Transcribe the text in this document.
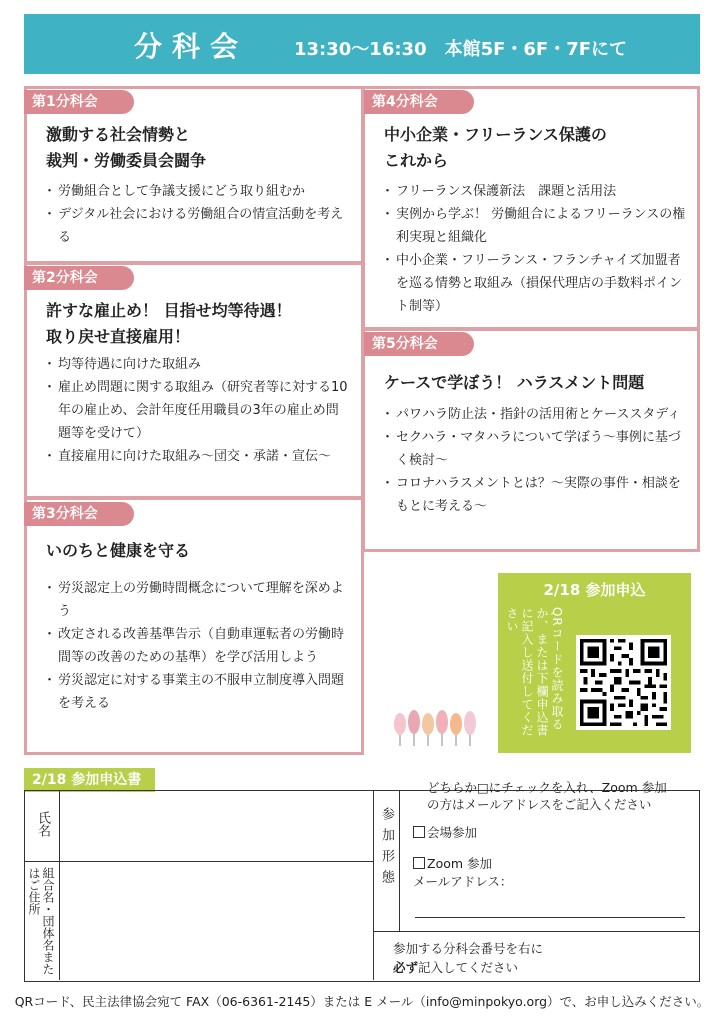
分科会	13:30〜16:30　本館5F・6F・7Fにて
第1分科会
激動する社会情勢と
裁判・労働委員会闘争
・ 労働組合として争議支援にどう取り組むか
・ デジタル社会における労働組合の情宣活動を考える
第2分科会
許すな雇止め！ 目指せ均等待遇！
取り戻せ直接雇用！
・ 均等待遇に向けた取組み
・ 雇止め問題に関する取組み（研究者等に対する10年の雇止め、会計年度任用職員の3年の雇止め問題等を受けて）
・ 直接雇用に向けた取組み〜団交・承諾・宣伝〜
第3分科会
いのちと健康を守る
・ 労災認定上の労働時間概念について理解を深めよう
・ 改定される改善基準告示（自動車運転者の労働時間等の改善のための基準）を学び活用しよう
・ 労災認定に対する事業主の不服申立制度導入問題を考える
第4分科会
中小企業・フリーランス保護の
これから
・ フリーランス保護新法　課題と活用法
・ 実例から学ぶ！ 労働組合によるフリーランスの権利実現と組織化
・ 中小企業・フリーランス・フランチャイズ加盟者を巡る情勢と取組み（損保代理店の手数料ポイント制等）
第5分科会
ケースで学ぼう！ ハラスメント問題
・ パワハラ防止法・指針の活用術とケーススタディ
・ セクハラ・マタハラについて学ぼう〜事例に基づく検討〜
・ コロナハラスメントとは？〜実際の事件・相談をもとに考える〜
2/18 参加申込
QRコードを読み取るか、または下欄申込書に記入し送付してください
2/18 参加申込書
氏名
組合名・団体名またはご住所	参加形態
どちらか□にチェックを入れ、Zoom 参加
の方はメールアドレスをご記入ください
会場参加
Zoom 参加
メールアドレス：
参加する分科会番号を右に
必ず記入してください
QRコード、民主法律協会宛て FAX（06-6361-2145）または E メール（info@minpokyo.org）で、お申し込みください。
